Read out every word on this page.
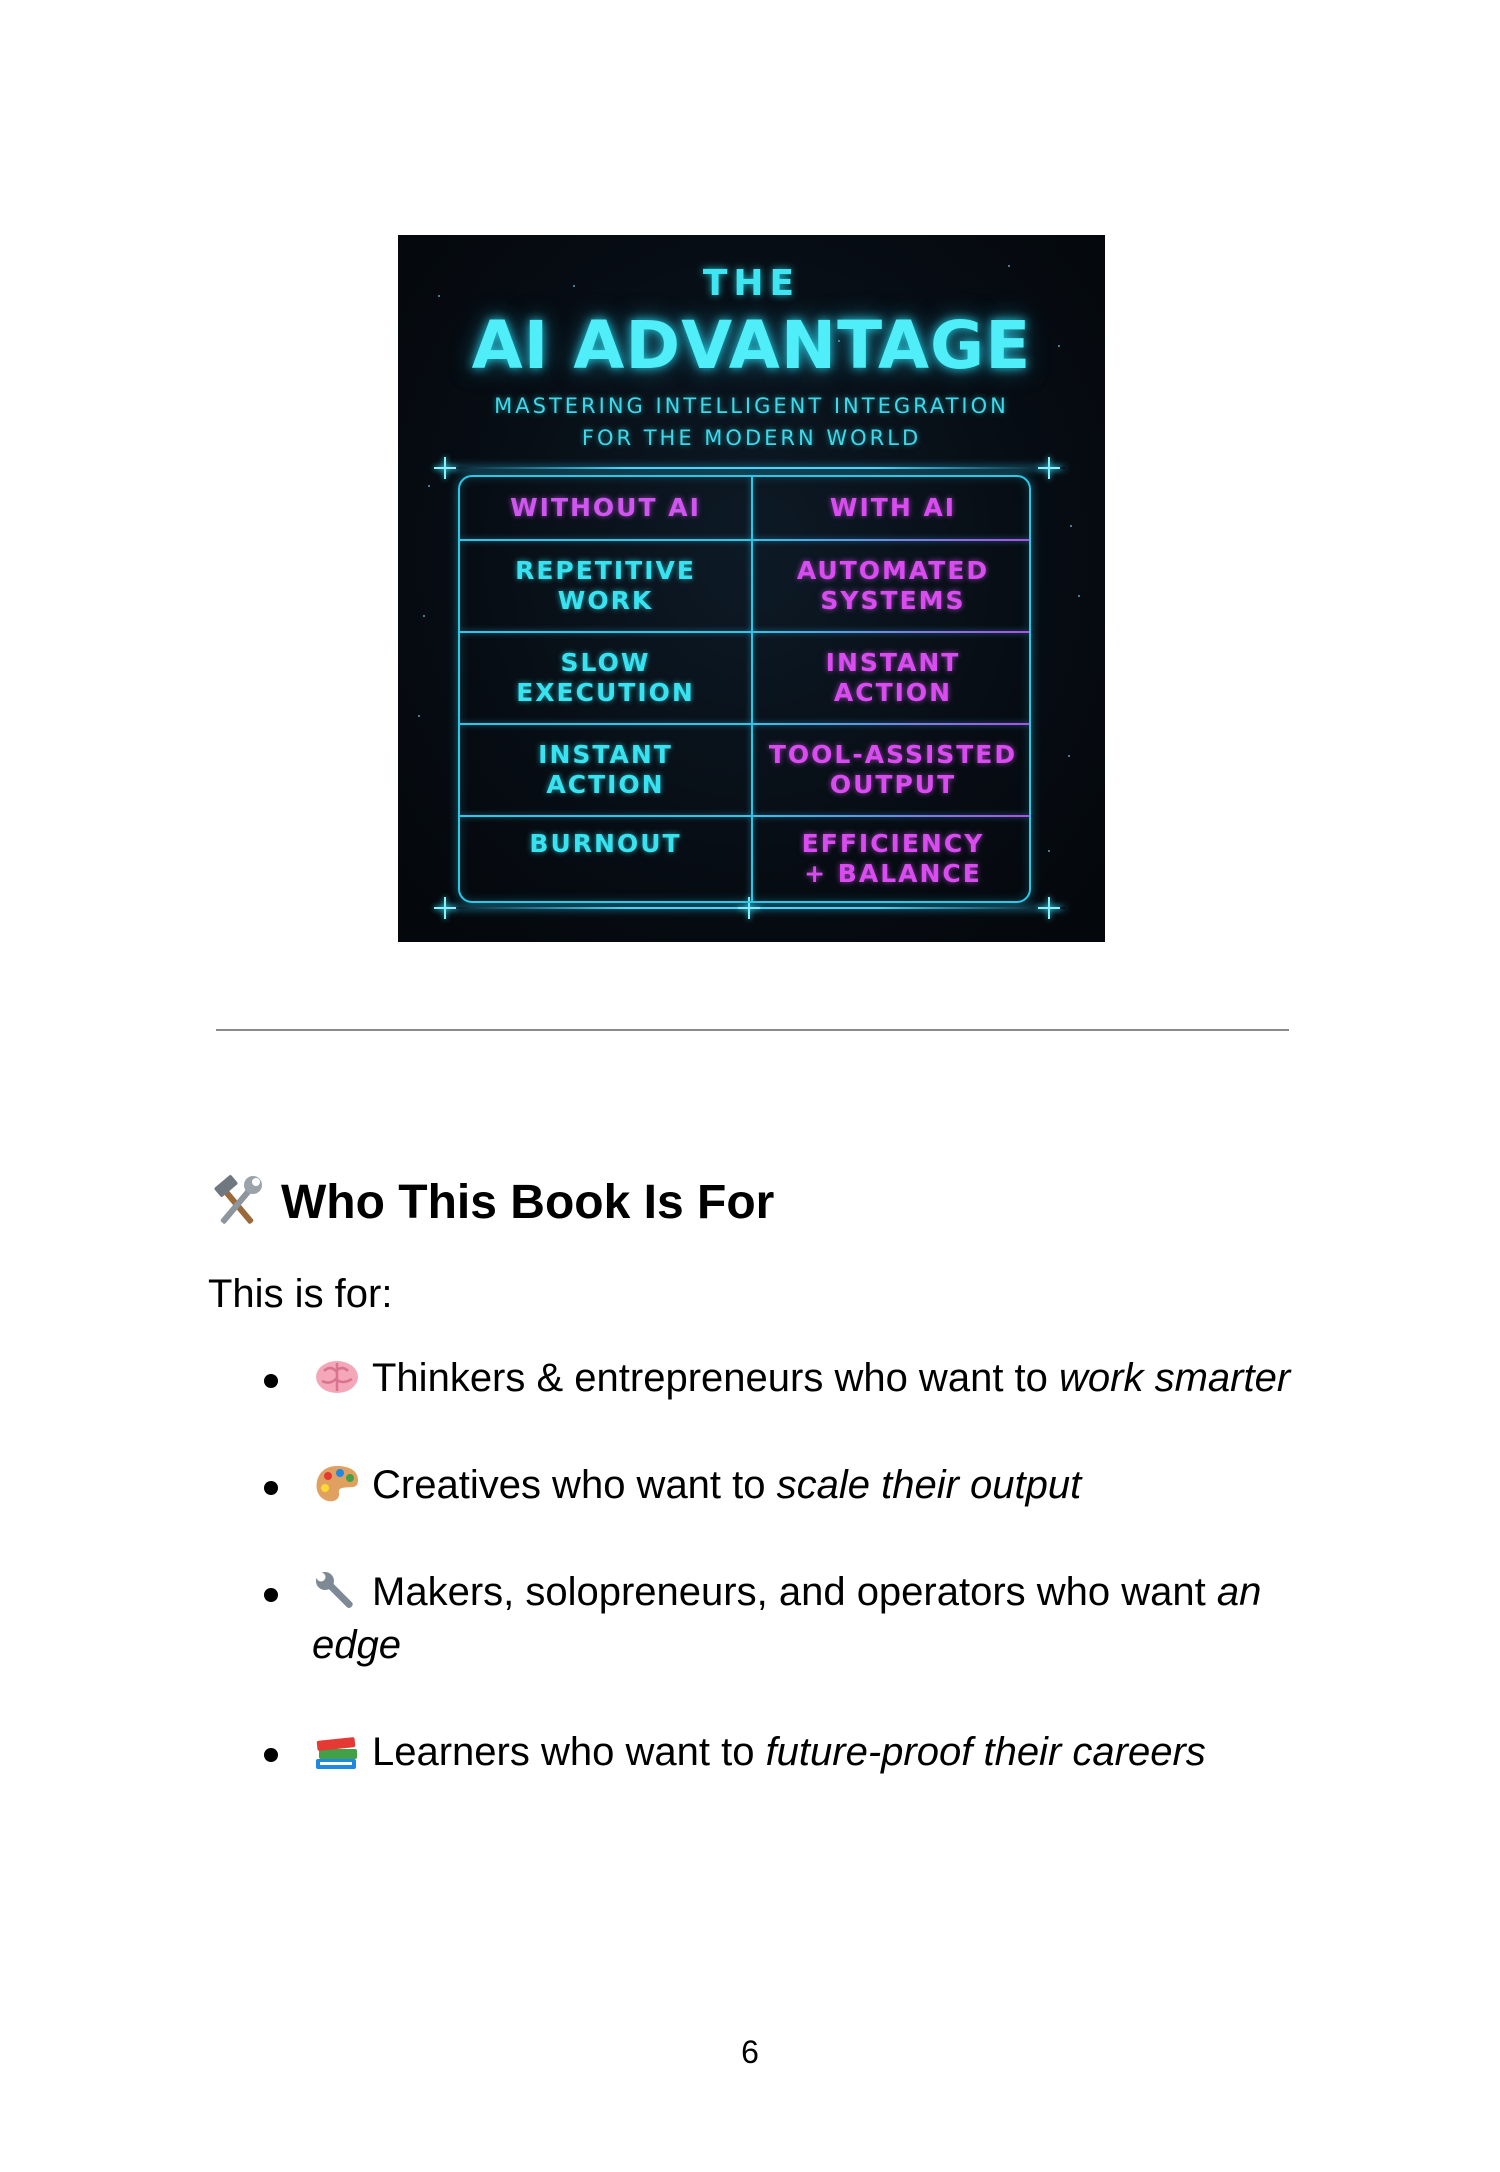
THE
AI ADVANTAGE
MASTERING INTELLIGENT INTEGRATION
FOR THE MODERN WORLD
WITHOUT AI	WITH AI
REPETITIVE
WORK
AUTOMATED
SYSTEMS
SLOW
EXECUTION
INSTANT
ACTION
INSTANT
ACTION
TOOL-ASSISTED
OUTPUT
BURNOUT	EFFICIENCY
+ BALANCE
Who This Book Is For
This is for:
Thinkers & entrepreneurs who want to work smarter
Creatives who want to scale their output
Makers, solopreneurs, and operators who want an edge
Learners who want to future-proof their careers
6
